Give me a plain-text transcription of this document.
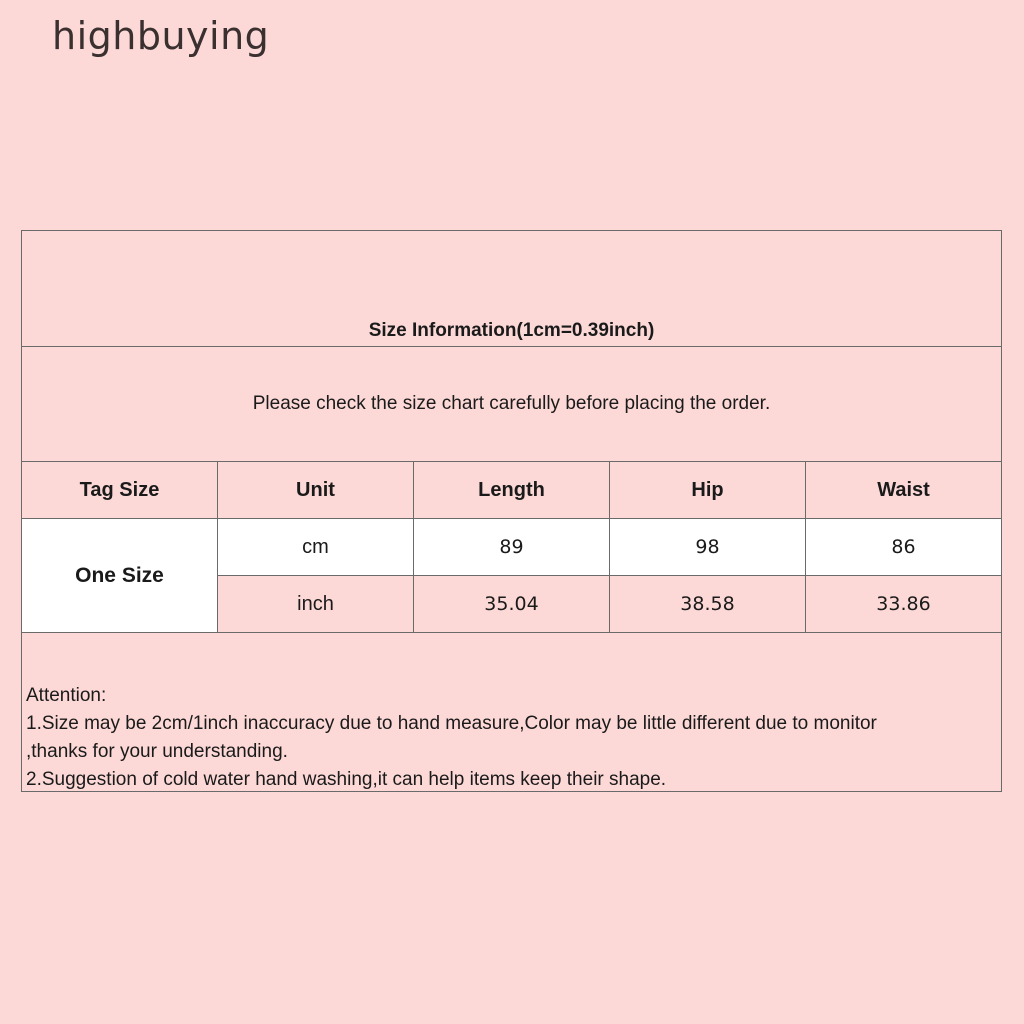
highbuying
Size Information(1cm=0.39inch)
Please check the size chart carefully before placing the order.
Tag Size	Unit	Length	Hip	Waist
One Size	cm	89	98	86
	inch	35.04	38.58	33.86
Attention:
1.Size may be 2cm/1inch inaccuracy due to hand measure,Color may be little different due to monitor
,thanks for your understanding.
2.Suggestion of cold water hand washing,it can help items keep their shape.
